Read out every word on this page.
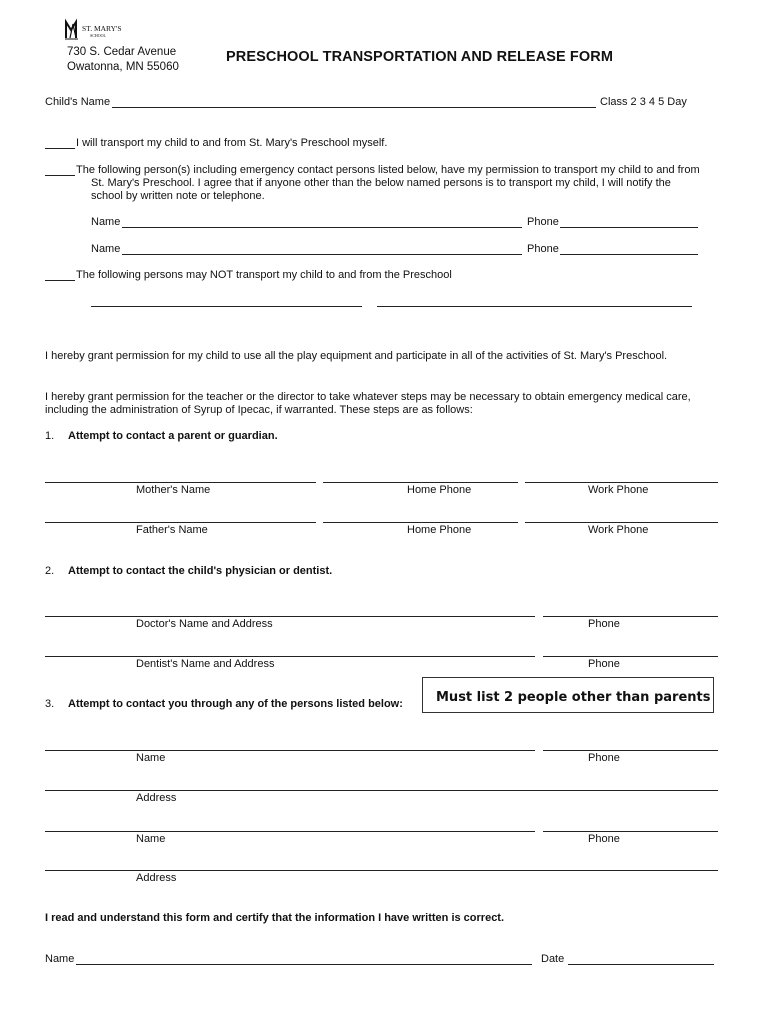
ST. MARY'S
SCHOOL
730 S. Cedar Avenue
Owatonna, MN 55060
PRESCHOOL TRANSPORTATION AND RELEASE FORM
Child's Name	Class 2 3 4 5 Day
I will transport my child to and from St. Mary's Preschool myself.
The following person(s) including emergency contact persons listed below, have my permission to transport my child to and from
St. Mary's Preschool. I agree that if anyone other than the below named persons is to transport my child, I will notify the
school by written note or telephone.
Name	Phone
Name	Phone
The following persons may NOT transport my child to and from the Preschool
I hereby grant permission for my child to use all the play equipment and participate in all of the activities of St. Mary's Preschool.
I hereby grant permission for the teacher or the director to take whatever steps may be necessary to obtain emergency medical care,
including the administration of Syrup of Ipecac, if warranted. These steps are as follows:
1. Attempt to contact a parent or guardian.
Mother's Name	Home Phone	Work Phone
Father's Name	Home Phone	Work Phone
2. Attempt to contact the child's physician or dentist.
Doctor's Name and Address	Phone
Dentist's Name and Address	Phone
3. Attempt to contact you through any of the persons listed below:	Must list 2 people other than parents
Name	Phone
Address
Name	Phone
Address
I read and understand this form and certify that the information I have written is correct.
Name	Date
